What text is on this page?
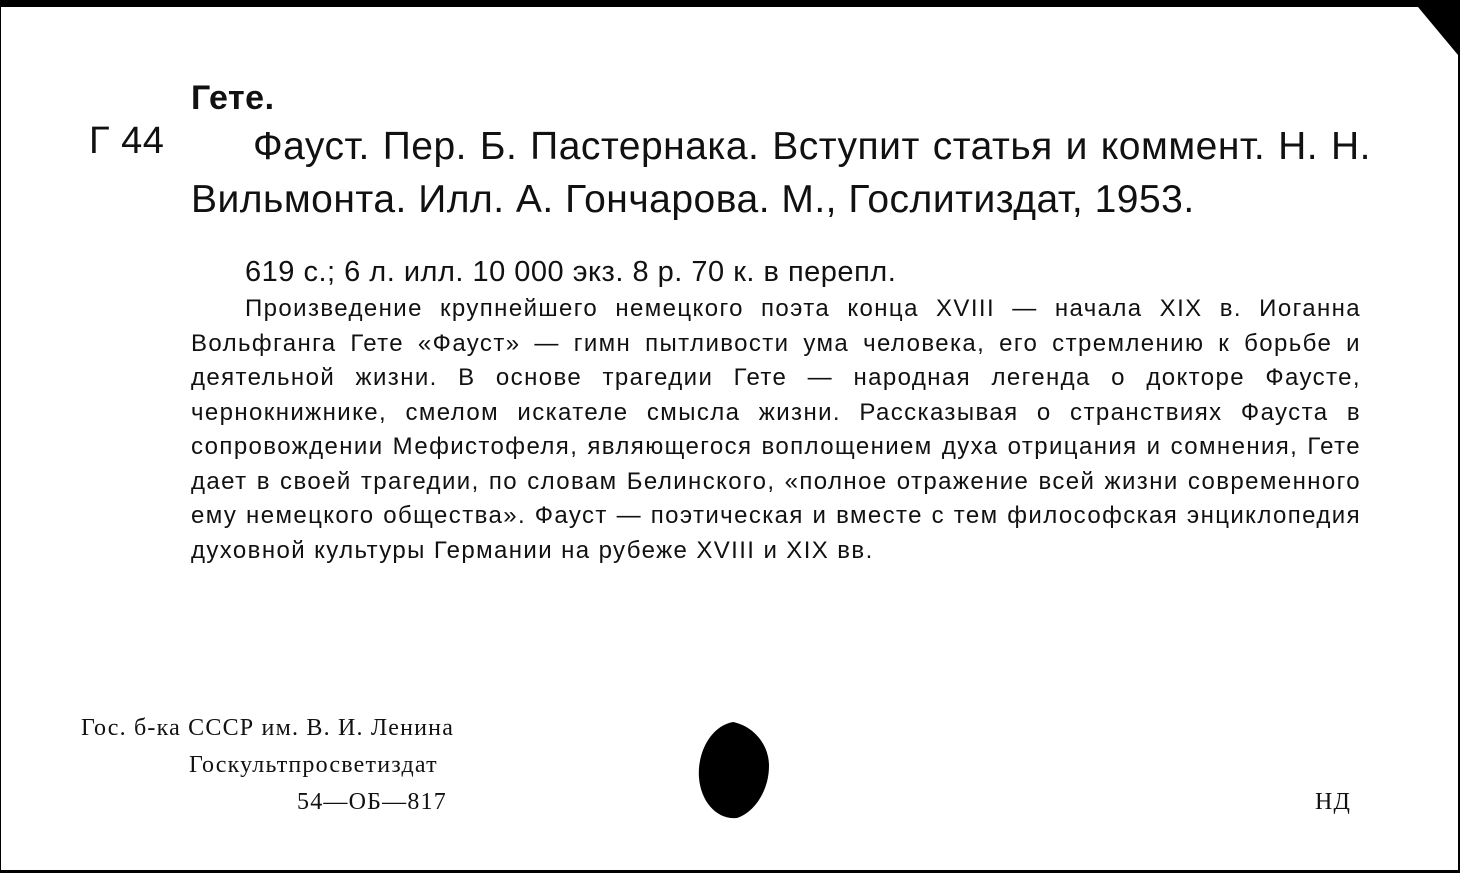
Гете.
Г 44	Фауст. Пер. Б. Пастернака. Вступит статья и коммент. Н. Н. Вильмонта. Илл. А. Гончарова. М., Гослитиздат, 1953.

619 с.; 6 л. илл. 10 000 экз. 8 р. 70 к. в перепл.

Произведение крупнейшего немецкого поэта конца XVIII — начала XIX в. Иоганна Вольфганга Гете «Фауст» — гимн пытливости ума человека, его стремлению к борьбе и деятельной жизни. В основе трагедии Гете — народная легенда о докторе Фаусте, чернокнижнике, смелом искателе смысла жизни. Рассказывая о странствиях Фауста в сопровождении Мефистофеля, являющегося воплощением духа отрицания и сомнения, Гете дает в своей трагедии, по словам Белинского, «полное отражение всей жизни современного ему немецкого общества». Фауст — поэтическая и вместе с тем философская энциклопедия духовной культуры Германии на рубеже XVIII и XIX вв.

Гос. б-ка СССР им. В. И. Ленина
Госкультпросветиздат
54—ОБ—817	НД
